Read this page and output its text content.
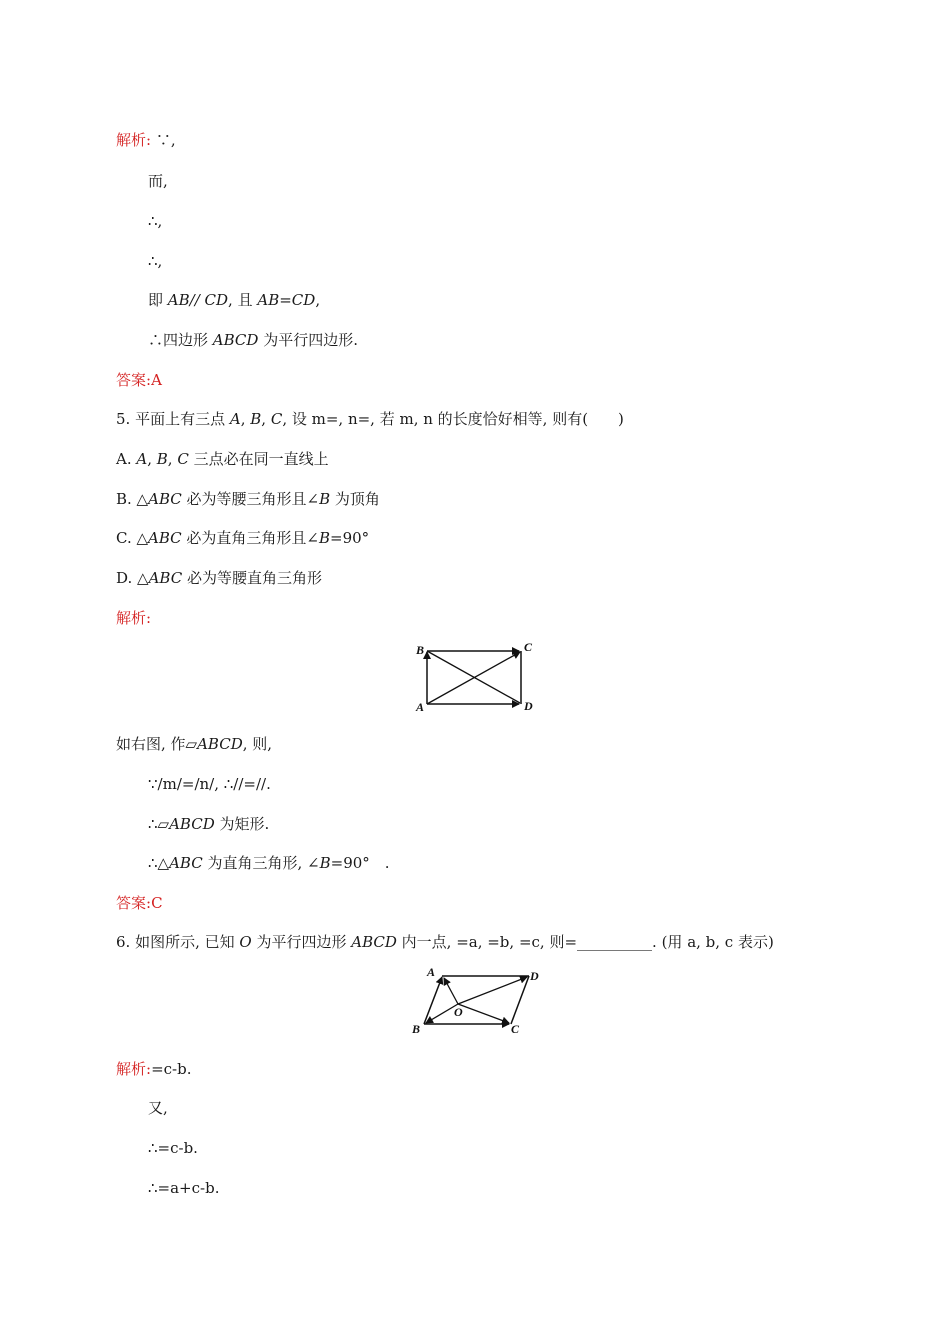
解析: ∵,
而,
∴,
∴,
即 AB// CD, 且 AB=CD,
∴四边形 ABCD 为平行四边形.
答案:A
5. 平面上有三点 A, B, C, 设 m=, n=, 若 m, n 的长度恰好相等, 则有(　　)
A. A, B, C 三点必在同一直线上
B. △ABC 必为等腰三角形且∠B 为顶角
C. △ABC 必为直角三角形且∠B=90°
D. △ABC 必为等腰直角三角形
解析:
B	C
A	D
如右图, 作▱ABCD, 则,
∵/m/=/n/, ∴//=//.
∴▱ABCD 为矩形.
∴△ABC 为直角三角形, ∠B=90°　.
答案:C
6. 如图所示, 已知 O 为平行四边形 ABCD 内一点, =a, =b, =c, 则=__________. (用 a, b, c 表示)
A	D
O
B	C
解析:=c-b.
又,
∴=c-b.
∴=a+c-b.
